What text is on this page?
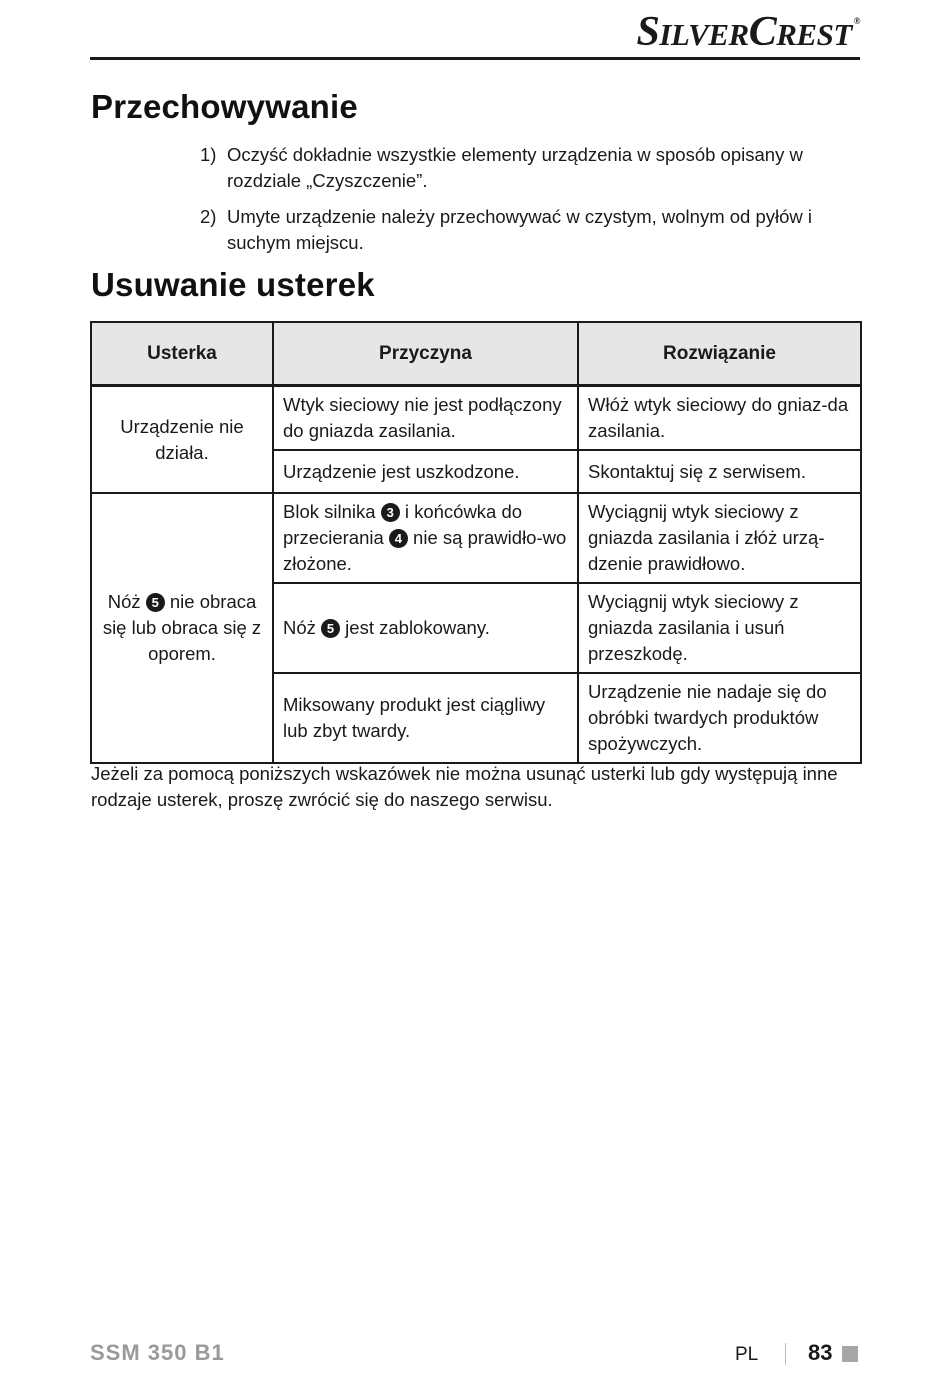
SILVERCREST ®
Przechowywanie
1) Oczyść dokładnie wszystkie elementy urządzenia w sposób opisany w rozdziale „Czyszczenie”.
2) Umyte urządzenie należy przechowywać w czystym, wolnym od pyłów i suchym miejscu.
Usuwanie usterek
Usterka	Przyczyna	Rozwiązanie
Urządzenie nie działa.	Wtyk sieciowy nie jest podłączony do gniazda zasilania.	Włóż wtyk sieciowy do gniaz-da zasilania.
	Urządzenie jest uszkodzone.	Skontaktuj się z serwisem.
Nóż 5 nie obraca się lub obraca się z oporem.	Blok silnika 3 i końcówka do przecierania 4 nie są prawidło-wo złożone.	Wyciągnij wtyk sieciowy z gniazda zasilania i złóż urzą-dzenie prawidłowo.
	Nóż 5 jest zablokowany.	Wyciągnij wtyk sieciowy z gniazda zasilania i usuń przeszkodę.
	Miksowany produkt jest ciągliwy lub zbyt twardy.	Urządzenie nie nadaje się do obróbki twardych produktów spożywczych.
Jeżeli za pomocą poniższych wskazówek nie można usunąć usterki lub gdy występują inne rodzaje usterek, proszę zwrócić się do naszego serwisu.
SSM 350 B1	PL 83
